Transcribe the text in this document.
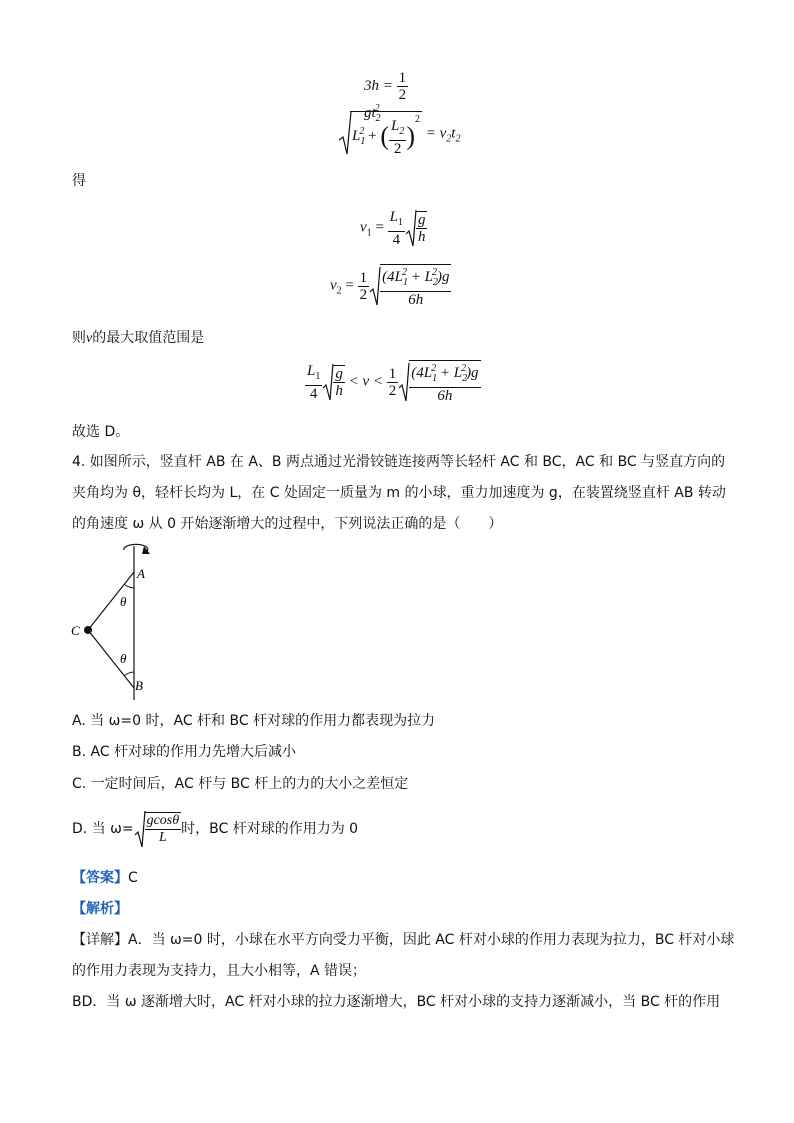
$3h = \frac{1}{2}$
$gt_2^2$
$L_1^2$ + ( $\frac{L_2}{2} )^2 = v_2t_2$
得
$v_1 = \frac{L_1}{4} \frac{g}{h}$
$v_2 = \frac{1}{2} \frac{(4L_1^2 + L_2^2)g}{6h}$
则v的最大取值范围是
$\frac{L_1}{4} \frac{g}{h} < v < \frac{1}{2} \frac{(4L_1^2 + L_2^2)g}{6h}$
故选 D。
4. 如图所示，竖直杆 AB 在 A、B 两点通过光滑铰链连接两等长轻杆 AC 和 BC，AC 和 BC 与竖直方向的
夹角均为 θ，轻杆长均为 L，在 C 处固定一质量为 m 的小球，重力加速度为 g，在装置绕竖直杆 AB 转动
的角速度 ω 从 0 开始逐渐增大的过程中，下列说法正确的是（　　）
A
B
C
θ
θ
A. 当 ω=0 时，AC 杆和 BC 杆对球的作用力都表现为拉力
B. AC 杆对球的作用力先增大后减小
C. 一定时间后，AC 杆与 BC 杆上的力的大小之差恒定
D. 当 $\omega= \frac{gcos\theta}{L}$ 时，BC 杆对球的作用力为 0
【答案】C
【解析】
【详解】A．当 ω=0 时，小球在水平方向受力平衡，因此 AC 杆对小球的作用力表现为拉力，BC 杆对小球
的作用力表现为支持力，且大小相等，A 错误；
BD．当 ω 逐渐增大时，AC 杆对小球的拉力逐渐增大，BC 杆对小球的支持力逐渐减小，当 BC 杆的作用
